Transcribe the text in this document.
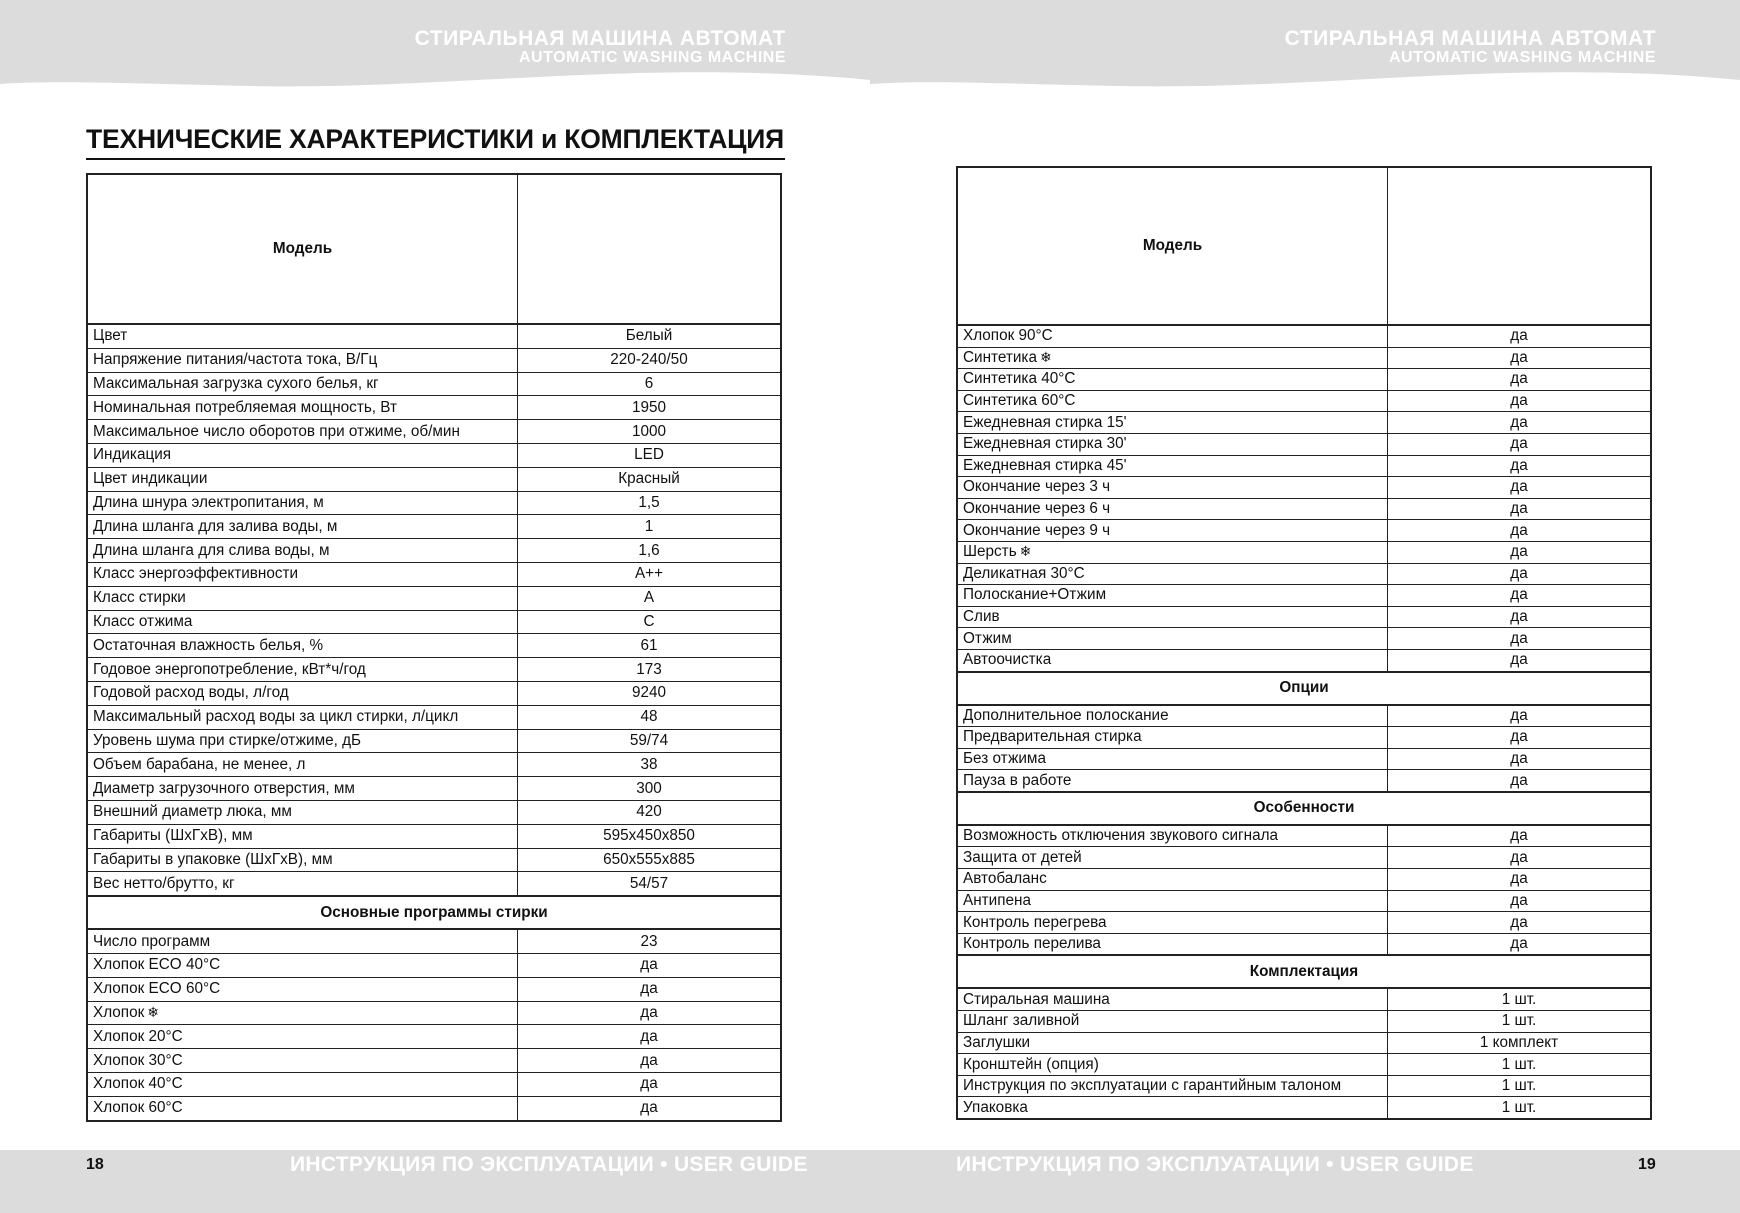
СТИРАЛЬНАЯ МАШИНА АВТОМАТ
AUTOMATIC WASHING MACHINE
ТЕХНИЧЕСКИЕ ХАРАКТЕРИСТИКИ и КОМПЛЕКТАЦИЯ
Модель	
Цвет	Белый
Напряжение питания/частота тока, В/Гц	220-240/50
Максимальная загрузка сухого белья, кг	6
Номинальная потребляемая мощность, Вт	1950
Максимальное число оборотов при отжиме, об/мин	1000
Индикация	LED
Цвет индикации	Красный
Длина шнура электропитания, м	1,5
Длина шланга для залива воды, м	1
Длина шланга для слива воды, м	1,6
Класс энергоэффективности	A++
Класс стирки	A
Класс отжима	C
Остаточная влажность белья, %	61
Годовое энергопотребление, кВт*ч/год	173
Годовой расход воды, л/год	9240
Максимальный расход воды за цикл стирки, л/цикл	48
Уровень шума при стирке/отжиме, дБ	59/74
Объем барабана, не менее, л	38
Диаметр загрузочного отверстия, мм	300
Внешний диаметр люка, мм	420
Габариты (ШхГхВ), мм	595х450х850
Габариты в упаковке (ШхГхВ), мм	650х555х885
Вес нетто/брутто, кг	54/57
Основные программы стирки	
Число программ	23
Хлопок ECO 40°C	да
Хлопок ECO 60°C	да
Хлопок ❄	да
Хлопок 20°C	да
Хлопок 30°C	да
Хлопок 40°C	да
Хлопок 60°C	да
18	ИНСТРУКЦИЯ ПО ЭКСПЛУАТАЦИИ • USER GUIDE
СТИРАЛЬНАЯ МАШИНА АВТОМАТ
AUTOMATIC WASHING MACHINE
Модель	
Хлопок 90°C	да
Синтетика ❄	да
Синтетика 40°C	да
Синтетика 60°C	да
Ежедневная стирка 15'	да
Ежедневная стирка 30'	да
Ежедневная стирка 45'	да
Окончание через 3 ч	да
Окончание через 6 ч	да
Окончание через 9 ч	да
Шерсть ❄	да
Деликатная 30°C	да
Полоскание+Отжим	да
Слив	да
Отжим	да
Автоочистка	да
Опции	
Дополнительное полоскание	да
Предварительная стирка	да
Без отжима	да
Пауза в работе	да
Особенности	
Возможность отключения звукового сигнала	да
Защита от детей	да
Автобаланс	да
Антипена	да
Контроль перегрева	да
Контроль перелива	да
Комплектация	
Стиральная машина	1 шт.
Шланг заливной	1 шт.
Заглушки	1 комплект
Кронштейн (опция)	1 шт.
Инструкция по эксплуатации с гарантийным талоном	1 шт.
Упаковка	1 шт.
ИНСТРУКЦИЯ ПО ЭКСПЛУАТАЦИИ • USER GUIDE	19
